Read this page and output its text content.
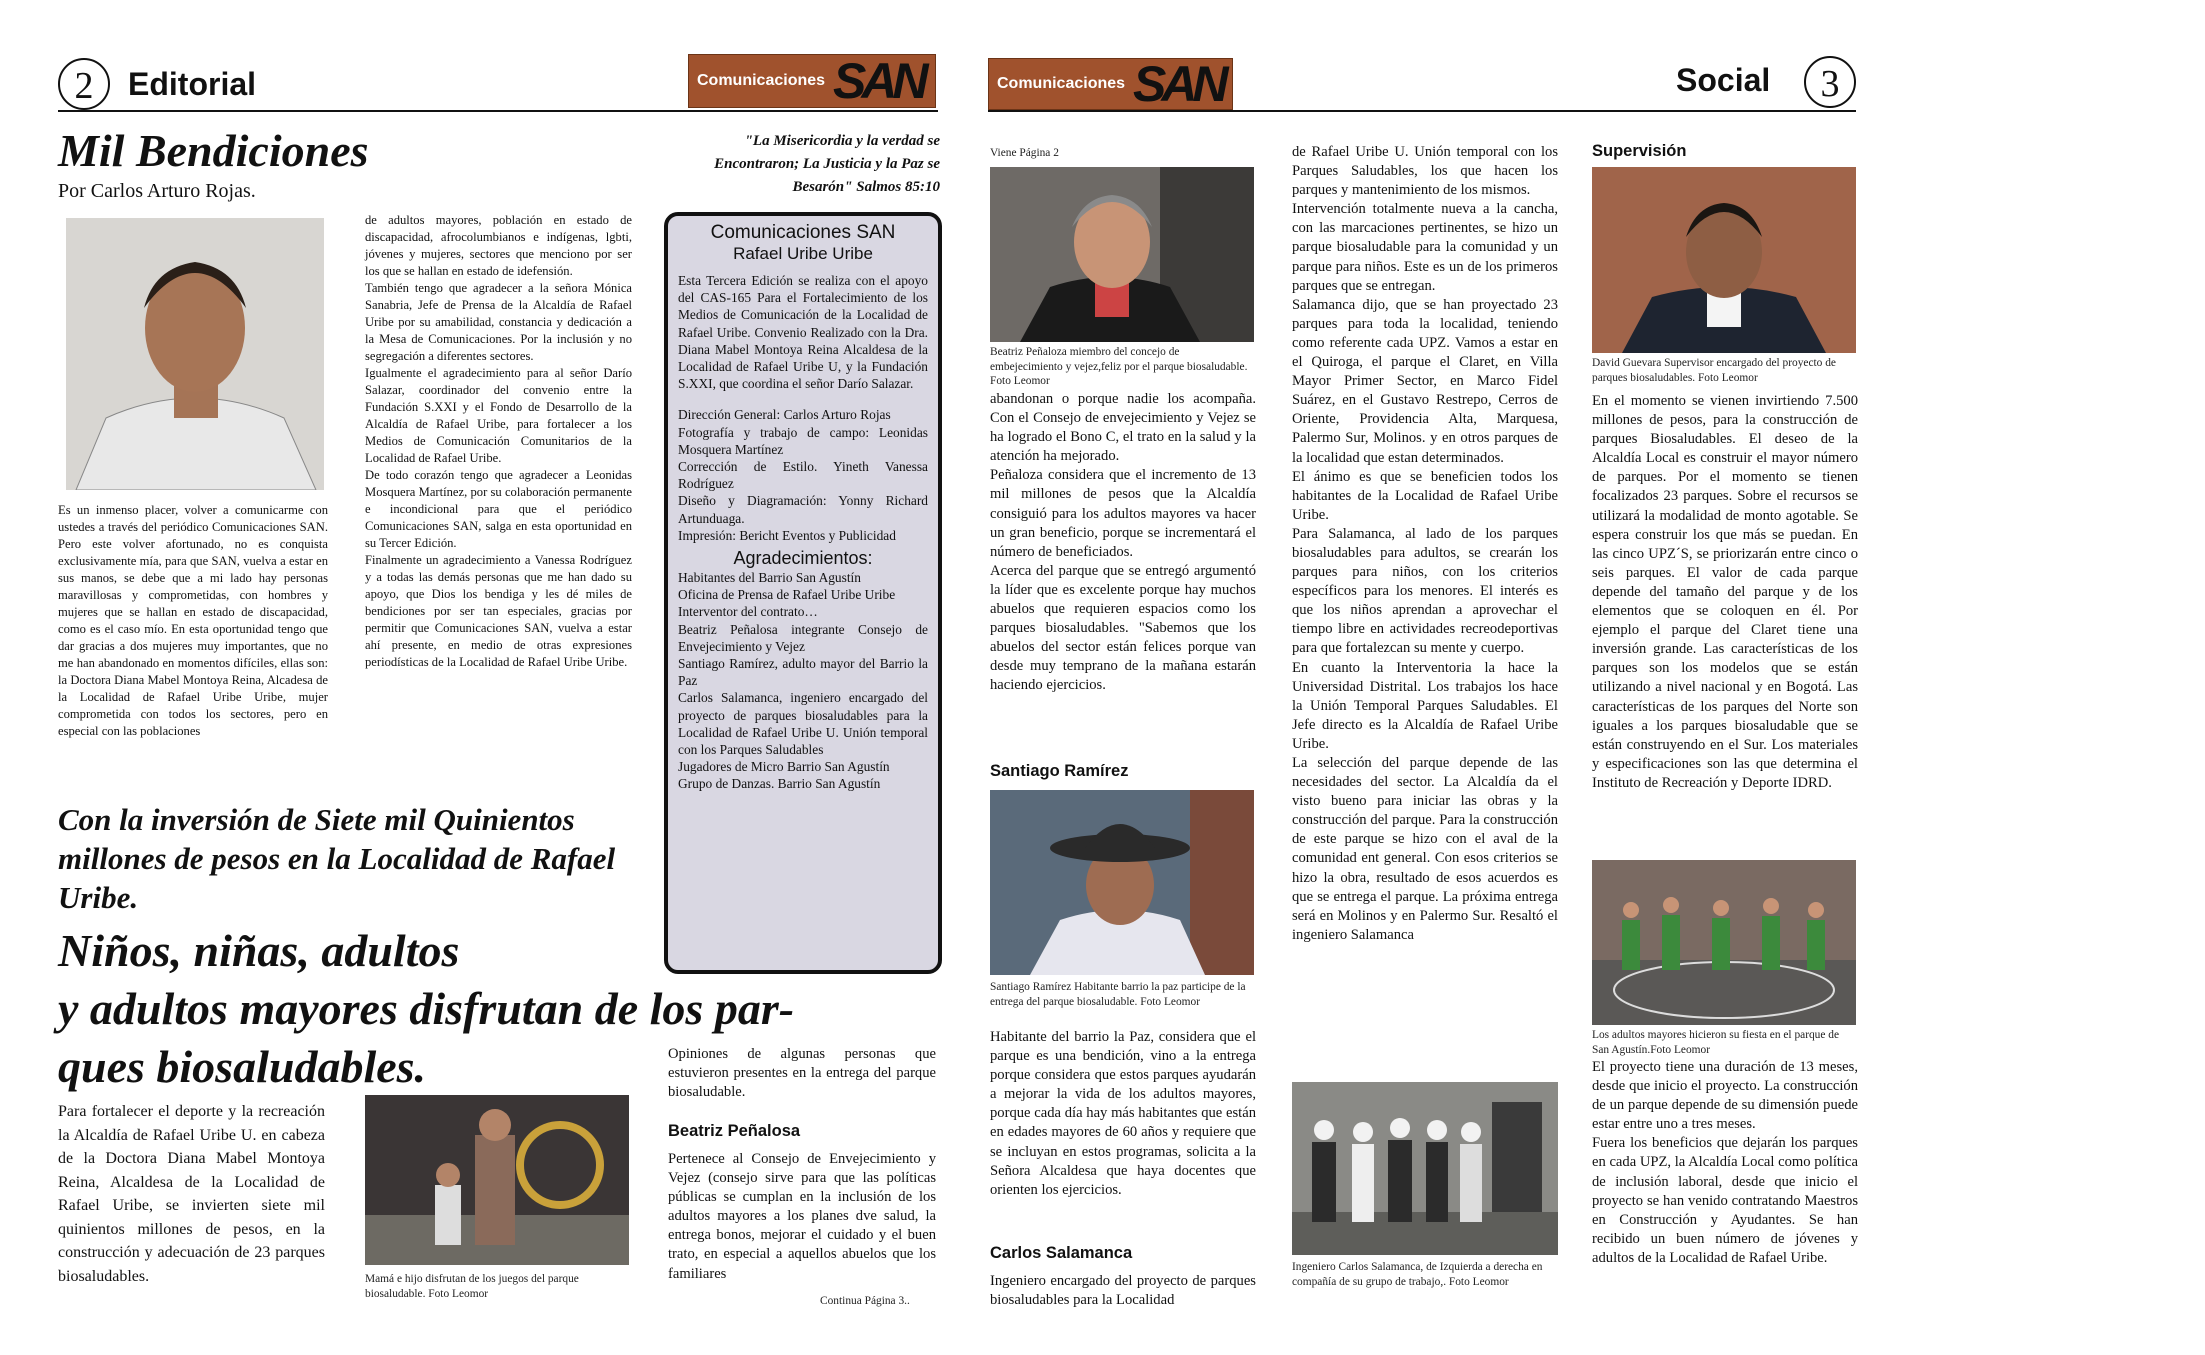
2	Editorial	Comunicaciones SAN
Mil Bendiciones
Por Carlos Arturo Rojas.
Es un inmenso placer, volver a comunicarme con ustedes a través del periódico Comunicaciones SAN. Pero este volver afortunado, no es conquista exclusivamente mía, para que SAN, vuelva a estar en sus manos, se debe que a mi lado hay personas maravillosas y comprometidas, con hombres y mujeres que se hallan en estado de discapacidad, como es el caso mío. En esta oportunidad tengo que dar gracias a dos mujeres muy importantes, que no me han abandonado en momentos difíciles, ellas son: la Doctora Diana Mabel Montoya Reina, Alcadesa de la Localidad de Rafael Uribe Uribe, mujer comprometida con todos los sectores, pero en especial con las poblaciones
de adultos mayores, población en estado de discapacidad, afrocolumbianos e indígenas, lgbti, jóvenes y mujeres, sectores que menciono por ser los que se hallan en estado de idefensión.
También tengo que agradecer a la señora Mónica Sanabria, Jefe de Prensa de la Alcaldía de Rafael Uribe por su amabilidad, constancia y dedicación a la Mesa de Comunicaciones. Por la inclusión y no segregación a diferentes sectores.
Igualmente el agradecimiento para al señor Darío Salazar, coordinador del convenio entre la Fundación S.XXI y el Fondo de Desarrollo de la Alcaldía de Rafael Uribe, para fortalecer a los Medios de Comunicación Comunitarios de la Localidad de Rafael Uribe.
De todo corazón tengo que agradecer a Leonidas Mosquera Martínez, por su colaboración permanente e incondicional para que el periódico Comunicaciones SAN, salga en esta oportunidad en su Tercer Edición.
Finalmente un agradecimiento a Vanessa Rodríguez y a todas las demás personas que me han dado su apoyo, que Dios los bendiga y les dé miles de bendiciones por ser tan especiales, gracias por permitir que Comunicaciones SAN, vuelva a estar ahí presente, en medio de otras expresiones periodísticas de la Localidad de Rafael Uribe Uribe.
"La Misericordia y la verdad se Encontraron; La Justicia y la Paz se Besarón" Salmos 85:10
Comunicaciones SAN
Rafael Uribe Uribe
Esta Tercera Edición se realiza con el apoyo del CAS-165 Para el Fortalecimiento de los Medios de Comunicación de la Localidad de Rafael Uribe. Convenio Realizado con la Dra. Diana Mabel Montoya Reina Alcaldesa de la Localidad de Rafael Uribe U, y la Fundación S.XXI, que coordina el señor Darío Salazar.
Dirección General: Carlos Arturo Rojas
Fotografía y trabajo de campo: Leonidas Mosquera Martínez
Corrección de Estilo. Yineth Vanessa Rodríguez
Diseño y Diagramación: Yonny Richard Artunduaga.
Impresión: Bericht Eventos y Publicidad
Agradecimientos:
Habitantes del Barrio San Agustín
Oficina de Prensa de Rafael Uribe Uribe
Interventor del contrato…
Beatriz Peñalosa integrante Consejo de Envejecimiento y Vejez
Santiago Ramírez, adulto mayor del Barrio la Paz
Carlos Salamanca, ingeniero encargado del proyecto de parques biosaludables para la Localidad de Rafael Uribe U. Unión temporal con los Parques Saludables
Jugadores de Micro Barrio San Agustín
Grupo de Danzas. Barrio San Agustín
Con la inversión de Siete mil Quinientos millones de pesos en la Localidad de Rafael Uribe.
Niños, niñas, adultos
y adultos mayores disfrutan de los par-
ques biosaludables.
Para fortalecer el deporte y la recreación la Alcaldía de Rafael Uribe U. en cabeza de la Doctora Diana Mabel Montoya Reina, Alcaldesa de la Localidad de Rafael Uribe, se invierten siete mil quinientos millones de pesos, en la construcción y adecuación de 23 parques biosaludables.	Mamá e hijo disfrutan de los juegos del parque biosaludable. Foto Leomor
Opiniones de algunas personas que estuvieron presentes en la entrega del parque biosaludable.
Beatriz Peñalosa
Pertenece al Consejo de Envejecimiento y Vejez (consejo sirve para que las políticas públicas se cumplan en la inclusión de los adultos mayores a los planes dve salud, la entrega bonos, mejorar el cuidado y el buen trato, en especial a aquellos abuelos que los familiares
Continua Página 3..
Comunicaciones SAN	Social	3
Viene Página 2
Beatriz Peñaloza miembro del concejo de embejecimiento y vejez,feliz por el parque biosaludable. Foto Leomor
abandonan o porque nadie los acompaña. Con el Consejo de envejecimiento y Vejez se ha logrado el Bono C, el trato en la salud y la atención ha mejorado.
Peñaloza considera que el incremento de 13 mil millones de pesos que la Alcaldía consiguió para los adultos mayores va hacer un gran beneficio, porque se incrementará el número de beneficiados.
Acerca del parque que se entregó argumentó la líder que es excelente porque hay muchos abuelos que requieren espacios como los parques biosaludables. "Sabemos que los abuelos del sector están felices porque van desde muy temprano de la mañana estarán haciendo ejercicios.
Santiago Ramírez
Santiago Ramírez Habitante barrio la paz participe de la entrega del parque biosaludable. Foto Leomor
Habitante del barrio la Paz, considera que el parque es una bendición, vino a la entrega porque considera que estos parques ayudarán a mejorar la vida de los adultos mayores, porque cada día hay más habitantes que están en edades mayores de 60 años y requiere que se incluyan en estos programas, solicita a la Señora Alcaldesa que haya docentes que orienten los ejercicios.
Carlos Salamanca
Ingeniero encargado del proyecto de parques biosaludables para la Localidad
de Rafael Uribe U. Unión temporal con los Parques Saludables, los que hacen los parques y mantenimiento de los mismos.
Intervención totalmente nueva a la cancha, con las marcaciones pertinentes, se hizo un parque biosaludable para la comunidad y un parque para niños. Este es un de los primeros parques que se entregan.
Salamanca dijo, que se han proyectado 23 parques para toda la localidad, teniendo como referente cada UPZ. Vamos a estar en el Quiroga, el parque el Claret, en Villa Mayor Primer Sector, en Marco Fidel Suárez, en el Gustavo Restrepo, Cerros de Oriente, Providencia Alta, Marquesa, Palermo Sur, Molinos. y en otros parques de la localidad que estan determinados.
El ánimo es que se beneficien todos los habitantes de la Localidad de Rafael Uribe Uribe.
Para Salamanca, al lado de los parques biosaludables para adultos, se crearán los parques para niños, con los criterios específicos para los menores. El interés es que los niños aprendan a aprovechar el tiempo libre en actividades recreodeportivas para que fortalezcan su mente y cuerpo.
En cuanto la Interventoria la hace la Universidad Distrital. Los trabajos los hace la Unión Temporal Parques Saludables. El Jefe directo es la Alcaldía de Rafael Uribe Uribe.
La selección del parque depende de las necesidades del sector. La Alcaldía da el visto bueno para iniciar las obras y la construcción del parque. Para la construcción de este parque se hizo con el aval de la comunidad ent general. Con esos criterios se hizo la obra, resultado de esos acuerdos es que se entrega el parque. La próxima entrega será en Molinos y en Palermo Sur. Resaltó el ingeniero Salamanca
Ingeniero Carlos Salamanca, de Izquierda a derecha en compañía de su grupo de trabajo,. Foto Leomor
Supervisión
David Guevara Supervisor encargado del proyecto de parques biosaludables. Foto Leomor
En el momento se vienen invirtiendo 7.500 millones de pesos, para la construcción de parques Biosaludables. El deseo de la Alcaldía Local es construir el mayor número de parques. Por el momento se tienen focalizados 23 parques. Sobre el recursos se utilizará la modalidad de monto agotable. Se espera construir los que más se puedan. En las cinco UPZ´S, se priorizarán entre cinco o seis parques. El valor de cada parque depende del tamaño del parque y de los elementos que se coloquen en él. Por ejemplo el parque del Claret tiene una inversión grande. Las características de los parques son los modelos que se están utilizando a nivel nacional y en Bogotá. Las características de los parques del Norte son iguales a los parques biosaludable que se están construyendo en el Sur. Los materiales y especificaciones son las que determina el Instituto de Recreación y Deporte IDRD.
Los adultos mayores hicieron su fiesta en el parque de San Agustín.Foto Leomor
El proyecto tiene una duración de 13 meses, desde que inicio el proyecto. La construcción de un parque depende de su dimensión puede estar entre uno a tres meses.
Fuera los beneficios que dejarán los parques en cada UPZ, la Alcaldía Local como política de inclusión laboral, desde que inicio el proyecto se han venido contratando Maestros en Construcción y Ayudantes. Se han recibido un buen número de jóvenes y adultos de la Localidad de Rafael Uribe.
